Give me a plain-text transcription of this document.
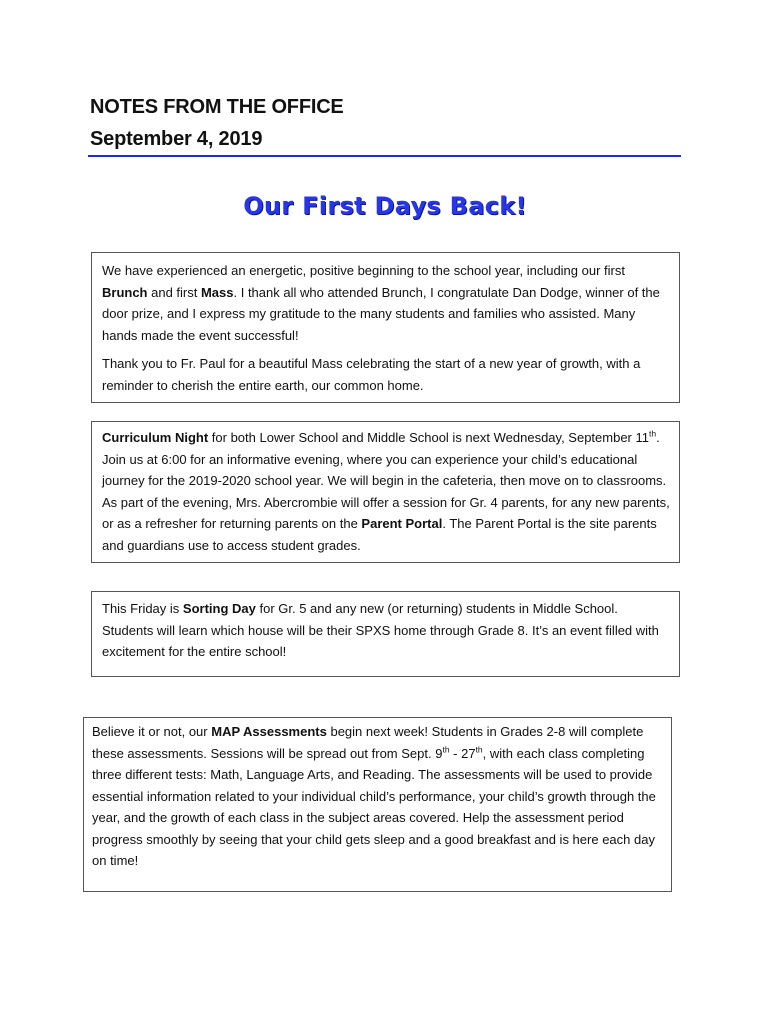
NOTES FROM THE OFFICE
September 4, 2019
Our First Days Back!

We have experienced an energetic, positive beginning to the school year, including our first Brunch and first Mass. I thank all who attended Brunch, I congratulate Dan Dodge, winner of the door prize, and I express my gratitude to the many students and families who assisted. Many hands made the event successful!

Thank you to Fr. Paul for a beautiful Mass celebrating the start of a new year of growth, with a reminder to cherish the entire earth, our common home.

Curriculum Night for both Lower School and Middle School is next Wednesday, September 11th. Join us at 6:00 for an informative evening, where you can experience your child’s educational journey for the 2019-2020 school year. We will begin in the cafeteria, then move on to classrooms. As part of the evening, Mrs. Abercrombie will offer a session for Gr. 4 parents, for any new parents, or as a refresher for returning parents on the Parent Portal. The Parent Portal is the site parents and guardians use to access student grades.

This Friday is Sorting Day for Gr. 5 and any new (or returning) students in Middle School. Students will learn which house will be their SPXS home through Grade 8. It’s an event filled with excitement for the entire school!

Believe it or not, our MAP Assessments begin next week! Students in Grades 2-8 will complete these assessments. Sessions will be spread out from Sept. 9th - 27th, with each class completing three different tests: Math, Language Arts, and Reading. The assessments will be used to provide essential information related to your individual child’s performance, your child’s growth through the year, and the growth of each class in the subject areas covered. Help the assessment period progress smoothly by seeing that your child gets sleep and a good breakfast and is here each day on time!
